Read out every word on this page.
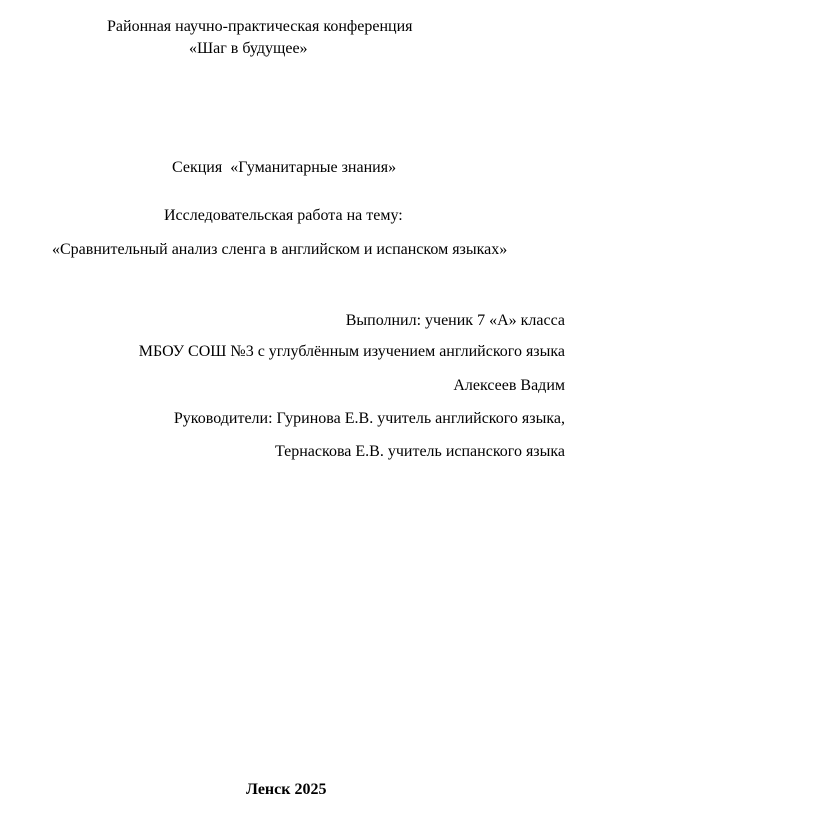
Районная научно-практическая конференция
«Шаг в будущее»
Секция  «Гуманитарные знания»
Исследовательская работа на тему:
«Сравнительный анализ сленга в английском и испанском языках»
Выполнил: ученик 7 «А» класса
МБОУ СОШ №3 с углублённым изучением английского языка
Алексеев Вадим
Руководители: Гуринова Е.В. учитель английского языка,
Тернаскова Е.В. учитель испанского языка
Ленск 2025
